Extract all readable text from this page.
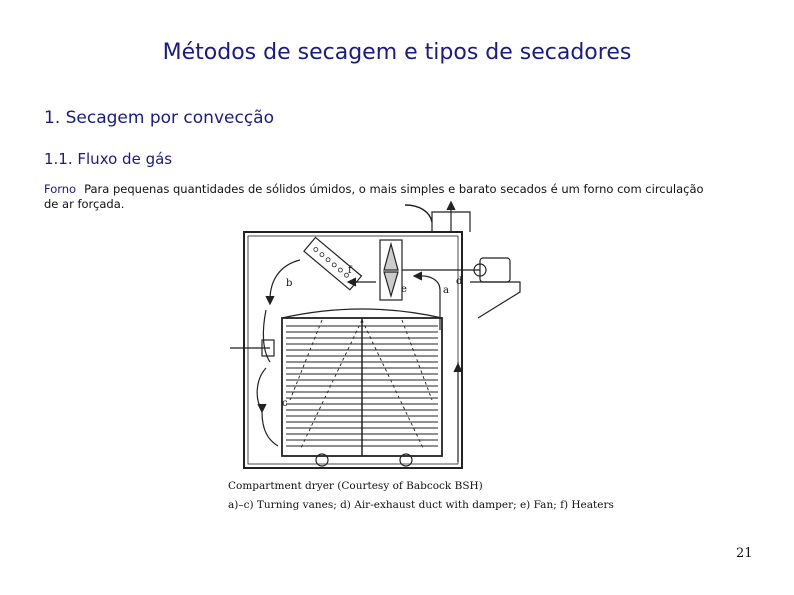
Métodos de secagem e tipos de secadores
1. Secagem por convecção
1.1. Fluxo de gás
Forno Para pequenas quantidades de sólidos úmidos, o mais simples e barato secados é um forno com circulação de ar forçada.
a
b
c
d
e
f
Compartment dryer (Courtesy of Babcock BSH)
a)–c) Turning vanes; d) Air-exhaust duct with damper; e) Fan; f) Heaters
21
